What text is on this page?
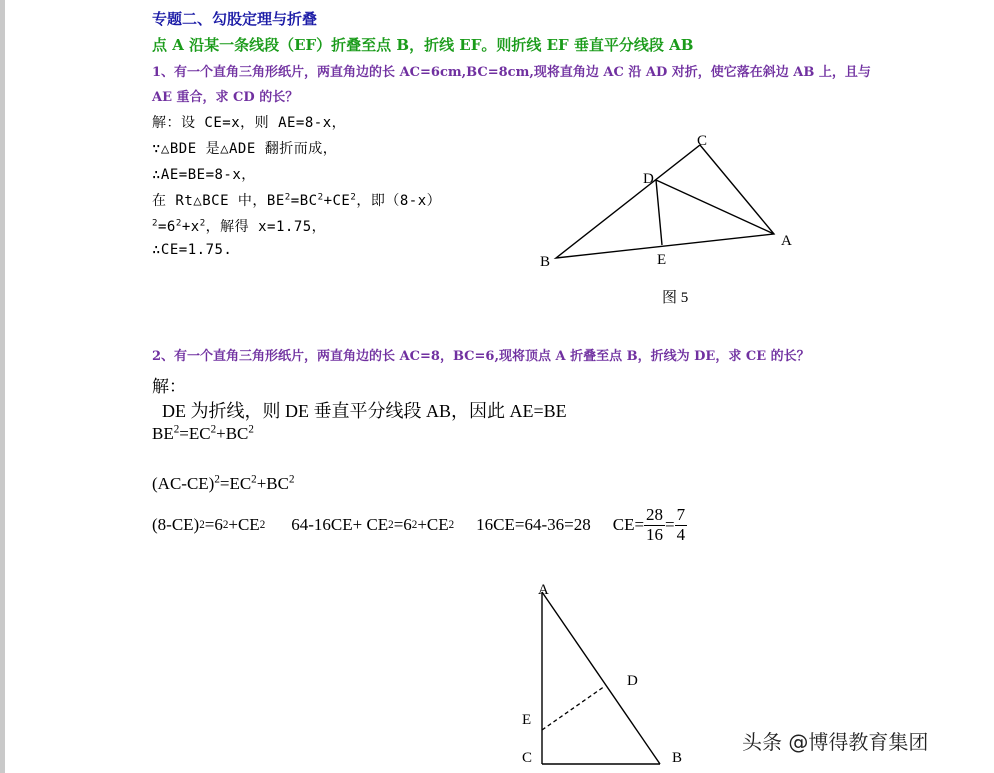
专题二、勾股定理与折叠
点 A 沿某一条线段（EF）折叠至点 B，折线 EF。则折线 EF 垂直平分线段 AB
1、有一个直角三角形纸片，两直角边的长 AC=6cm,BC=8cm,现将直角边 AC 沿 AD 对折，使它落在斜边 AB 上，且与
AE 重合，求 CD 的长？
解：设 CE=x，则 AE=8-x，
∵△BDE 是△ADE 翻折而成，
∴AE=BE=8-x，
在 Rt△BCE 中，$BE^2=BC^2+CE^2$，即（8-x）
$^2=6^2+x^2$，解得 x=1.75，
∴CE=1.75.
C
D
A
B	E
图 5
2、有一个直角三角形纸片，两直角边的长 AC=8，BC=6,现将顶点 A 折叠至点 B，折线为 DE，求 CE 的长？
解：
DE 为折线，则 DE 垂直平分线段 AB，因此 AE=BE
$BE^2=EC^2+BC^2$
$(AC-CE)^2=EC^2+BC^2$
(8-CE) 2 =6 2 +CE 2 64-16CE+ CE 2 =6 2 +CE 2 16CE=64-36=28 $CE= \frac{28}{16} = \frac{7}{4}$
A
D
E
C	B
头条 @博得教育集团
